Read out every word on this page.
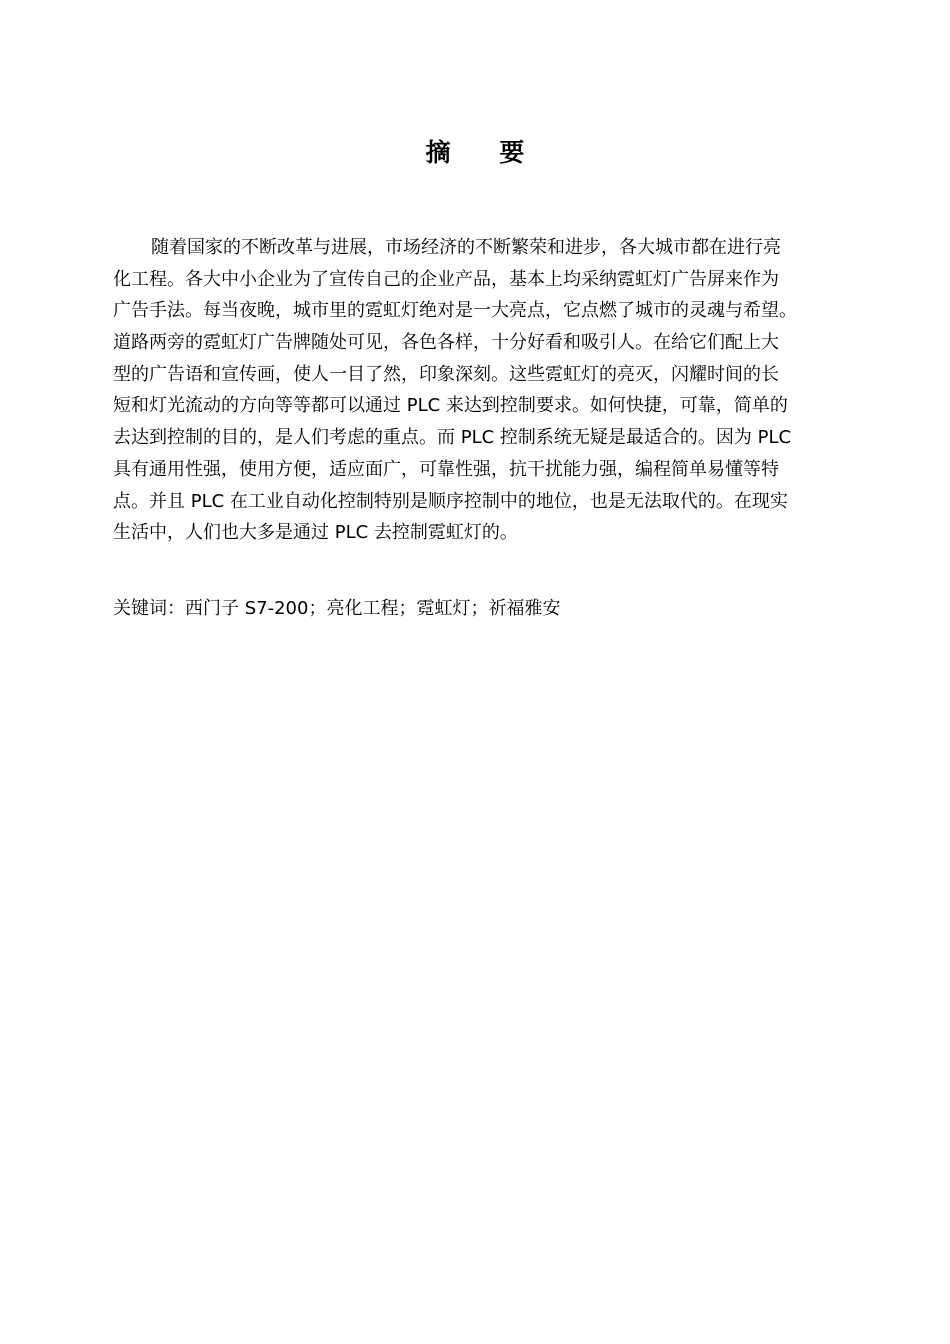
摘 要
随着国家的不断改革与进展，市场经济的不断繁荣和进步，各大城市都在进行亮
化工程。各大中小企业为了宣传自己的企业产品，基本上均采纳霓虹灯广告屏来作为
广告手法。每当夜晚，城市里的霓虹灯绝对是一大亮点，它点燃了城市的灵魂与希望。
道路两旁的霓虹灯广告牌随处可见，各色各样，十分好看和吸引人。在给它们配上大
型的广告语和宣传画，使人一目了然，印象深刻。这些霓虹灯的亮灭，闪耀时间的长
短和灯光流动的方向等等都可以通过 PLC 来达到控制要求。如何快捷，可靠，简单的
去达到控制的目的，是人们考虑的重点。而 PLC 控制系统无疑是最适合的。因为 PLC
具有通用性强，使用方便，适应面广，可靠性强，抗干扰能力强，编程简单易懂等特
点。并且 PLC 在工业自动化控制特别是顺序控制中的地位，也是无法取代的。在现实
生活中，人们也大多是通过 PLC 去控制霓虹灯的。
关键词：西门子 S7-200；亮化工程；霓虹灯；祈福雅安
